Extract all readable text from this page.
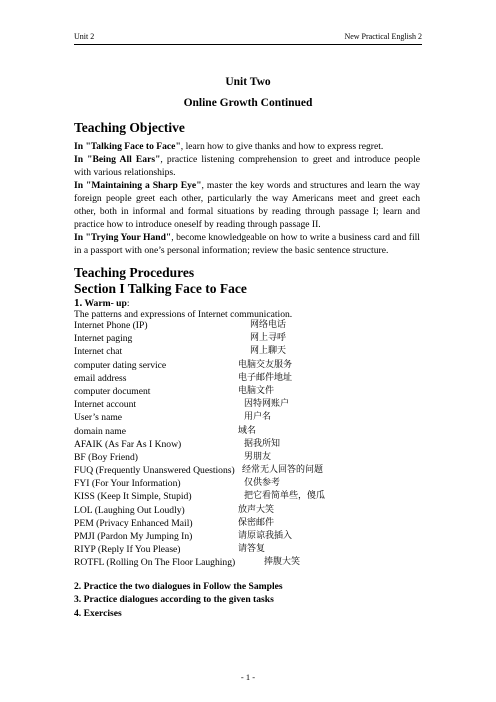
Unit 2	New Practical English 2
Unit Two
Online Growth Continued
Teaching Objective
In "Talking Face to Face", learn how to give thanks and how to express regret.
In "Being All Ears", practice listening comprehension to greet and introduce people with various relationships.
In "Maintaining a Sharp Eye", master the key words and structures and learn the way foreign people greet each other, particularly the way Americans meet and greet each other, both in informal and formal situations by reading through passage I; learn and practice how to introduce oneself by reading through passage II.
In "Trying Your Hand", become knowledgeable on how to write a business card and fill in a passport with one’s personal information; review the basic sentence structure.
Teaching Procedures
Section I Talking Face to Face
1. Warm- up:
The patterns and expressions of Internet communication.
Internet Phone (IP)	网络电话
Internet paging	网上寻呼
Internet chat	网上聊天
computer dating service	电脑交友服务
email address	电子邮件地址
computer document	电脑文件
Internet account	因特网账户
User’s name	用户名
domain name	域名
AFAIK (As Far As I Know)	据我所知
BF (Boy Friend)	男朋友
FUQ (Frequently Unanswered Questions) 经常无人回答的问题
FYI (For Your Information)	仅供参考
KISS (Keep It Simple, Stupid)	把它看简单些，傻瓜
LOL (Laughing Out Loudly)	放声大笑
PEM (Privacy Enhanced Mail)	保密邮件
PMJI (Pardon My Jumping In)	请原谅我插入
RIYP (Reply If You Please)	请答复
ROTFL (Rolling On The Floor Laughing)	捧腹大笑
2. Practice the two dialogues in Follow the Samples
3. Practice dialogues according to the given tasks
4. Exercises
- 1 -
